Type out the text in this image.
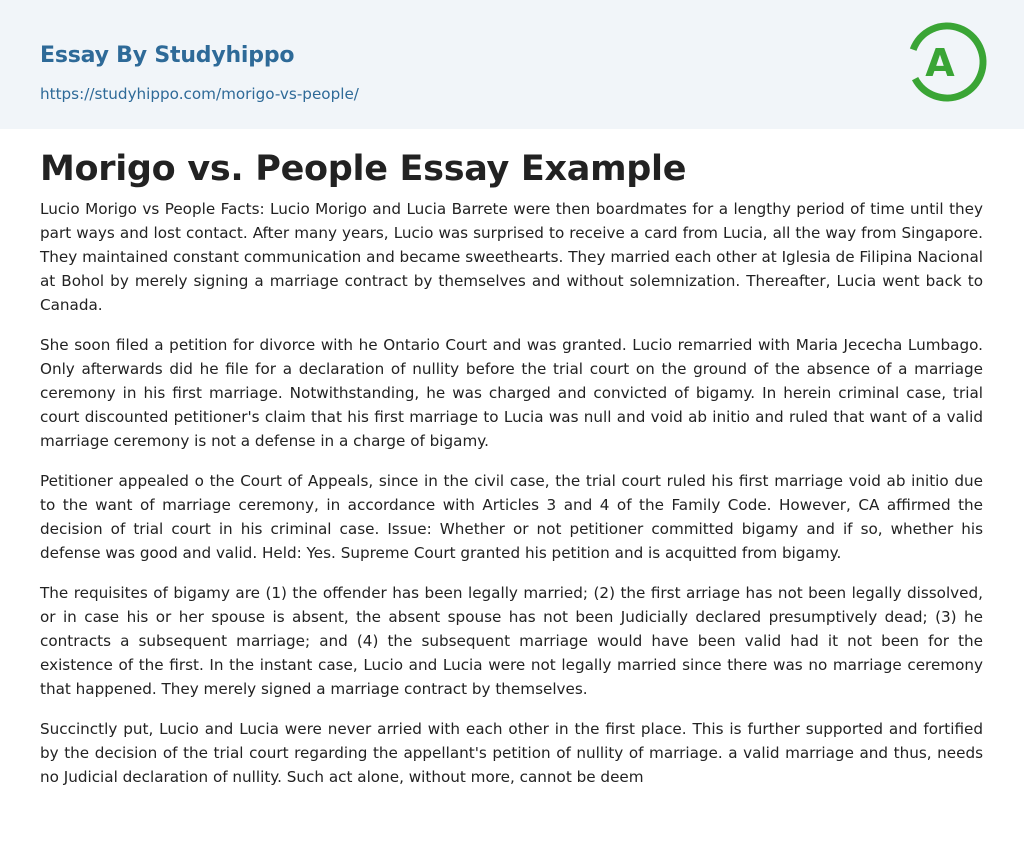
Essay By Studyhippo
https://studyhippo.com/morigo-vs-people/
A
Morigo vs. People Essay Example

Lucio Morigo vs People Facts: Lucio Morigo and Lucia Barrete were then boardmates for a lengthy period of time until they part ways and lost contact. After many years, Lucio was surprised to receive a card from Lucia, all the way from Singapore. They maintained constant communication and became sweethearts. They married each other at Iglesia de Filipina Nacional at Bohol by merely signing a marriage contract by themselves and without solemnization. Thereafter, Lucia went back to Canada.

She soon filed a petition for divorce with he Ontario Court and was granted. Lucio remarried with Maria Jececha Lumbago. Only afterwards did he file for a declaration of nullity before the trial court on the ground of the absence of a marriage ceremony in his first marriage. Notwithstanding, he was charged and convicted of bigamy. In herein criminal case, trial court discounted petitioner's claim that his first marriage to Lucia was null and void ab initio and ruled that want of a valid marriage ceremony is not a defense in a charge of bigamy.

Petitioner appealed o the Court of Appeals, since in the civil case, the trial court ruled his first marriage void ab initio due to the want of marriage ceremony, in accordance with Articles 3 and 4 of the Family Code. However, CA affirmed the decision of trial court in his criminal case. Issue: Whether or not petitioner committed bigamy and if so, whether his defense was good and valid. Held: Yes. Supreme Court granted his petition and is acquitted from bigamy.

The requisites of bigamy are (1) the offender has been legally married; (2) the first arriage has not been legally dissolved, or in case his or her spouse is absent, the absent spouse has not been Judicially declared presumptively dead; (3) he contracts a subsequent marriage; and (4) the subsequent marriage would have been valid had it not been for the existence of the first. In the instant case, Lucio and Lucia were not legally married since there was no marriage ceremony that happened. They merely signed a marriage contract by themselves.

Succinctly put, Lucio and Lucia were never arried with each other in the first place. This is further supported and fortified by the decision of the trial court regarding the appellant's petition of nullity of marriage. a valid marriage and thus, needs no Judicial declaration of nullity. Such act alone, without more, cannot be deem
